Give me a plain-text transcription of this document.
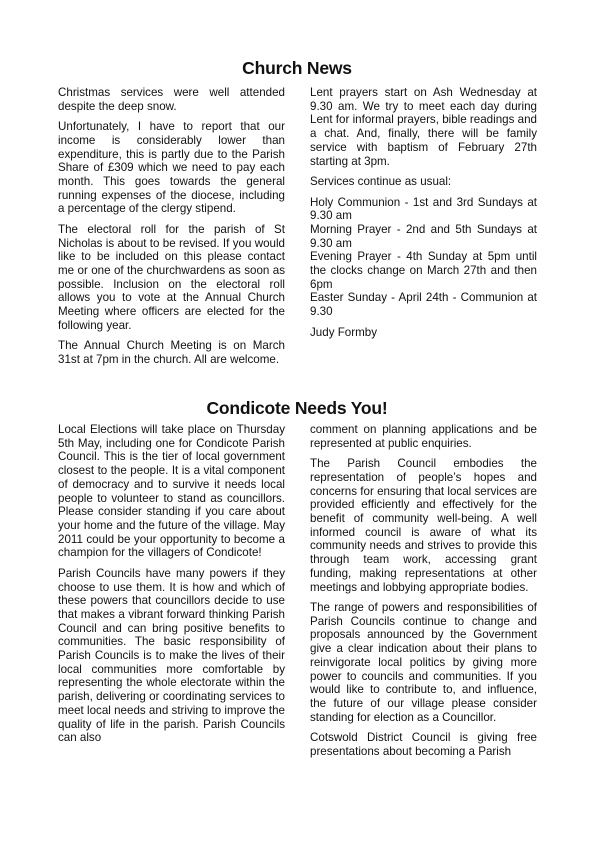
Church News

Christmas services were well attended despite the deep snow.

Unfortunately, I have to report that our income is considerably lower than expenditure, this is partly due to the Parish Share of £309 which we need to pay each month. This goes towards the general running expenses of the diocese, including a percentage of the clergy stipend.

The electoral roll for the parish of St Nicholas is about to be revised. If you would like to be included on this please contact me or one of the churchwardens as soon as possible. Inclusion on the electoral roll allows you to vote at the Annual Church Meeting where officers are elected for the following year.

The Annual Church Meeting is on March 31st at 7pm in the church. All are welcome.

Lent prayers start on Ash Wednesday at 9.30 am. We try to meet each day during Lent for informal prayers, bible readings and a chat. And, finally, there will be family service with baptism of February 27th starting at 3pm.

Services continue as usual:

Holy Communion - 1st and 3rd Sundays at 9.30 am

Morning Prayer - 2nd and 5th Sundays at 9.30 am

Evening Prayer - 4th Sunday at 5pm until the clocks change on March 27th and then 6pm

Easter Sunday - April 24th - Communion at 9.30

Judy Formby

Condicote Needs You!

Local Elections will take place on Thursday 5th May, including one for Condicote Parish Council. This is the tier of local government closest to the people. It is a vital component of democracy and to survive it needs local people to volunteer to stand as councillors. Please consider standing if you care about your home and the future of the village. May 2011 could be your opportunity to become a champion for the villagers of Condicote!

Parish Councils have many powers if they choose to use them. It is how and which of these powers that councillors decide to use that makes a vibrant forward thinking Parish Council and can bring positive benefits to communities. The basic responsibility of Parish Councils is to make the lives of their local communities more comfortable by representing the whole electorate within the parish, delivering or coordinating services to meet local needs and striving to improve the quality of life in the parish. Parish Councils can also

comment on planning applications and be represented at public enquiries.

The Parish Council embodies the representation of people’s hopes and concerns for ensuring that local services are provided efficiently and effectively for the benefit of community well-being. A well informed council is aware of what its community needs and strives to provide this through team work, accessing grant funding, making representations at other meetings and lobbying appropriate bodies.

The range of powers and responsibilities of Parish Councils continue to change and proposals announced by the Government give a clear indication about their plans to reinvigorate local politics by giving more power to councils and communities. If you would like to contribute to, and influence, the future of our village please consider standing for election as a Councillor.

Cotswold District Council is giving free presentations about becoming a Parish
